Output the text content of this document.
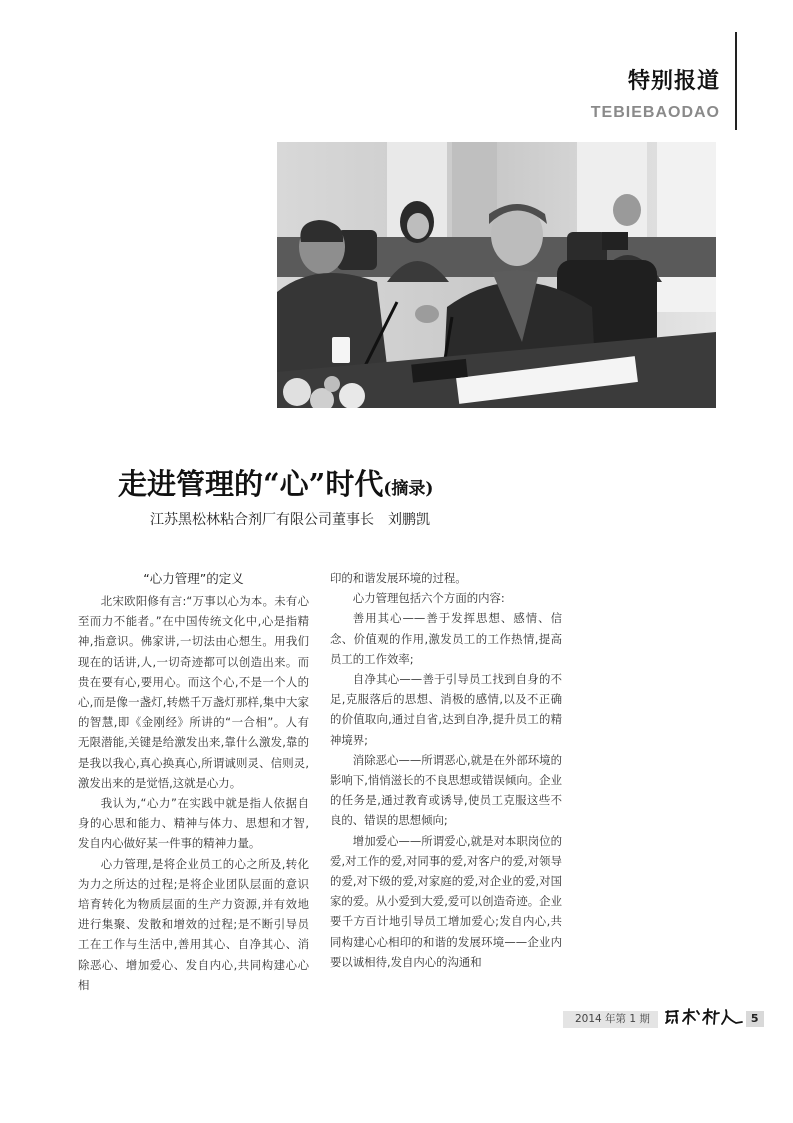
特别报道
TEBIEBAODAO
走进管理的“心”时代(摘录)
江苏黑松林粘合剂厂有限公司董事长　刘鹏凯
“心力管理”的定义

北宋欧阳修有言:“万事以心为本。未有心至而力不能者。”在中国传统文化中,心是指精神,指意识。佛家讲,一切法由心想生。用我们现在的话讲,人,一切奇迹都可以创造出来。而贵在要有心,要用心。而这个心,不是一个人的心,而是像一盏灯,转燃千万盏灯那样,集中大家的智慧,即《金刚经》所讲的“一合相”。人有无限潜能,关键是给激发出来,靠什么激发,靠的是我以我心,真心换真心,所谓诚则灵、信则灵,激发出来的是觉悟,这就是心力。

我认为,“心力”在实践中就是指人依据自身的心思和能力、精神与体力、思想和才智,发自内心做好某一件事的精神力量。

心力管理,是将企业员工的心之所及,转化为力之所达的过程;是将企业团队层面的意识培育转化为物质层面的生产力资源,并有效地进行集聚、发散和增效的过程;是不断引导员工在工作与生活中,善用其心、自净其心、消除恶心、增加爱心、发自内心,共同构建心心相

印的和谐发展环境的过程。

心力管理包括六个方面的内容:

善用其心——善于发挥思想、感情、信念、价值观的作用,激发员工的工作热情,提高员工的工作效率;

自净其心——善于引导员工找到自身的不足,克服落后的思想、消极的感情,以及不正确的价值取向,通过自省,达到自净,提升员工的精神境界;

消除恶心——所谓恶心,就是在外部环境的影响下,悄悄滋长的不良思想或错误倾向。企业的任务是,通过教育或诱导,使员工克服这些不良的、错误的思想倾向;

增加爱心——所谓爱心,就是对本职岗位的爱,对工作的爱,对同事的爱,对客户的爱,对领导的爱,对下级的爱,对家庭的爱,对企业的爱,对国家的爱。从小爱到大爱,爱可以创造奇迹。企业要千方百计地引导员工增加爱心;发自内心,共同构建心心相印的和谐的发展环境——企业内要以诚相待,发自内心的沟通和

2014 年第 1 期	5
